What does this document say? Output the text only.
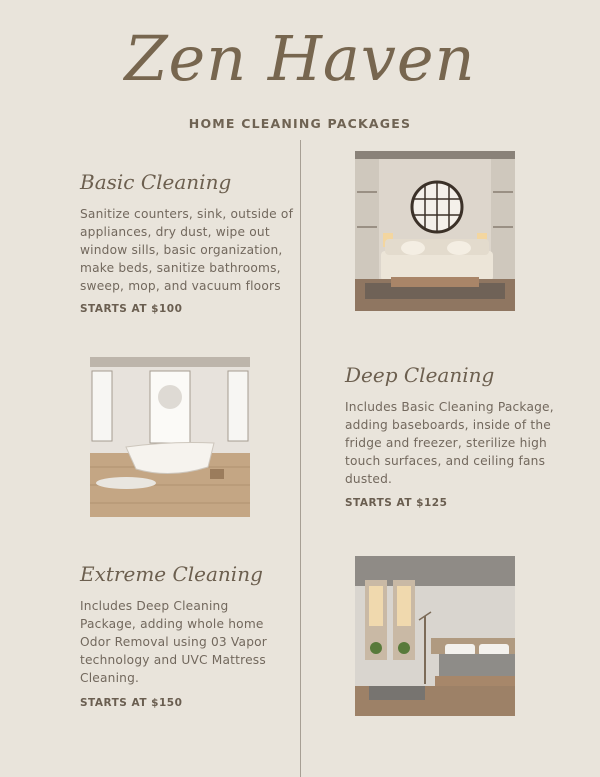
Zen Haven
HOME CLEANING PACKAGES
Basic Cleaning
Sanitize counters, sink, outside of appliances, dry dust, wipe out window sills, basic organization, make beds, sanitize bathrooms, sweep, mop, and vacuum floors
STARTS AT $100
Deep Cleaning
Includes Basic Cleaning Package, adding baseboards, inside of the fridge and freezer, sterilize high touch surfaces, and ceiling fans dusted.
STARTS AT $125
Extreme Cleaning
Includes Deep Cleaning Package, adding whole home Odor Removal using 03 Vapor technology and UVC Mattress Cleaning.
STARTS AT $150
